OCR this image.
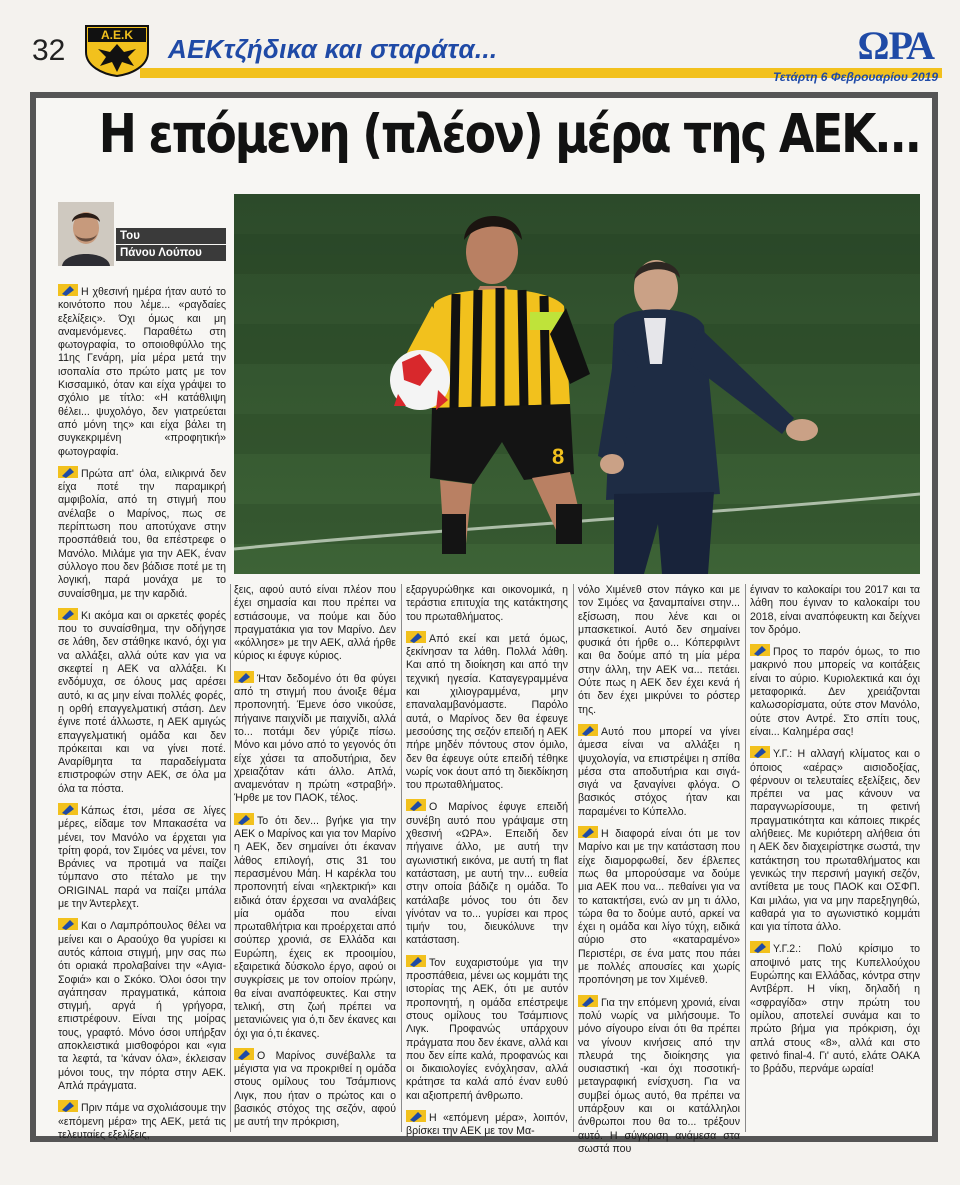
32	Α.Ε.Κ AEKτζήδικα και σταράτα...	ΩΡΑ
Τετάρτη 6 Φεβρουαρίου 2019
Η επόμενη (πλέον) μέρα της ΑΕΚ...
Του
Πάνου Λούπου
8

Η χθεσινή ημέρα ήταν αυτό το κοινότοπο που λέμε... «ραγδαίες εξελίξεις». Όχι όμως και μη αναμενόμενες. Παραθέτω στη φωτογραφία, το οποιοθφύλλο της 11ης Γενάρη, μία μέρα μετά την ισοπαλία στο πρώτο ματς με τον Κισσαμικό, όταν και είχα γράψει το σχόλιο με τίτλο: «Η κατάθλιψη θέλει... ψυχολόγο, δεν γιατρεύεται από μόνη της» και είχα βάλει τη συγκεκριμένη «προφητική» φωτογραφία.

Πρώτα απ' όλα, ειλικρινά δεν είχα ποτέ την παραμικρή αμφιβολία, από τη στιγμή που ανέλαβε ο Μαρίνος, πως σε περίπτωση που αποτύχανε στην προσπάθειά του, θα επέστρεφε ο Μανόλο. Μιλάμε για την ΑΕΚ, έναν σύλλογο που δεν βάδισε ποτέ με τη λογική, παρά μονάχα με το συναίσθημα, με την καρδιά.

Κι ακόμα και οι αρκετές φορές που το συναίσθημα, την οδήγησε σε λάθη, δεν στάθηκε ικανό, όχι για να αλλάξει, αλλά ούτε καν για να σκεφτεί η ΑΕΚ να αλλάξει. Κι ενδόμυχα, σε όλους μας αρέσει αυτό, κι ας μην είναι πολλές φορές, η ορθή επαγγελματική στάση. Δεν έγινε ποτέ άλλωστε, η ΑΕΚ αμιγώς επαγγελματική ομάδα και δεν πρόκειται και να γίνει ποτέ. Αναρίθμητα τα παραδείγματα επιστροφών στην ΑΕΚ, σε όλα μα όλα τα πόστα.

Κάπως έτσι, μέσα σε λίγες μέρες, είδαμε τον Μπακασέτα να μένει, τον Μανόλο να έρχεται για τρίτη φορά, τον Σιμόες να μένει, τον Βράνιες να προτιμά να παίζει τύμπανο στο πέταλο με την ORIGINAL παρά να παίζει μπάλα με την Άντερλεχτ.

Και ο Λαμπρόπουλος θέλει να μείνει και ο Αραούχο θα γυρίσει κι αυτός κάποια στιγμή, μην σας πω ότι οριακά προλαβαίνει την «Αγια-Σοφιά» και ο Σκόκο. Όλοι όσοι την αγάπησαν πραγματικά, κάποια στιγμή, αργά ή γρήγορα, επιστρέφουν. Είναι της μοίρας τους, γραφτό. Μόνο όσοι υπήρξαν αποκλειστικά μισθοφόροι και «για τα λεφτά, τα 'κάναν όλα», έκλεισαν μόνοι τους, την πόρτα στην ΑΕΚ. Απλά πράγματα.

Πριν πάμε να σχολιάσουμε την «επόμενη μέρα» της ΑΕΚ, μετά τις τελευταίες εξελίξεις,

ξεις, αφού αυτό είναι πλέον που έχει σημασία και που πρέπει να εστιάσουμε, να πούμε και δύο πραγματάκια για τον Μαρίνο. Δεν «κόλλησε» με την ΑΕΚ, αλλά ήρθε κύριος κι έφυγε κύριος.

Ήταν δεδομένο ότι θα φύγει από τη στιγμή που άνοιξε θέμα προπονητή. Έμενε όσο νικούσε, πήγαινε παιχνίδι με παιχνίδι, αλλά το... ποτάμι δεν γύριζε πίσω. Μόνο και μόνο από το γεγονός ότι είχε χάσει τα αποδυτήρια, δεν χρειαζόταν κάτι άλλο. Απλά, αναμενόταν η πρώτη «στραβή». Ήρθε με τον ΠΑΟΚ, τέλος.

Το ότι δεν... βγήκε για την ΑΕΚ ο Μαρίνος και για τον Μαρίνο η ΑΕΚ, δεν σημαίνει ότι έκαναν λάθος επιλογή, στις 31 του περασμένου Μάη. Η καρέκλα του προπονητή είναι «ηλεκτρική» και ειδικά όταν έρχεσαι να αναλάβεις μία ομάδα που είναι πρωταθλήτρια και προέρχεται από σούπερ χρονιά, σε Ελλάδα και Ευρώπη, έχεις εκ προοιμίου, εξαιρετικά δύσκολο έργο, αφού οι συγκρίσεις με τον οποίον πρώην, θα είναι αναπόφευκτες. Και στην τελική, στη ζωή πρέπει να μετανιώνεις για ό,τι δεν έκανες και όχι για ό,τι έκανες.

Ο Μαρίνος συνέβαλλε τα μέγιστα για να προκριθεί η ομάδα στους ομίλους του Τσάμπιονς Λιγκ, που ήταν ο πρώτος και ο βασικός στόχος της σεζόν, αφού με αυτή την πρόκριση,

εξαργυρώθηκε και οικονομικά, η τεράστια επιτυχία της κατάκτησης του πρωταθλήματος.

Από εκεί και μετά όμως, ξεκίνησαν τα λάθη. Πολλά λάθη. Και από τη διοίκηση και από την τεχνική ηγεσία. Καταγεγραμμένα και χιλιογραμμένα, μην επαναλαμβανόμαστε. Παρόλο αυτά, ο Μαρίνος δεν θα έφευγε μεσούσης της σεζόν επειδή η ΑΕΚ πήρε μηδέν πόντους στον όμιλο, δεν θα έφευγε ούτε επειδή τέθηκε νωρίς νοκ άουτ από τη διεκδίκηση του πρωταθλήματος.

Ο Μαρίνος έφυγε επειδή συνέβη αυτό που γράψαμε στη χθεσινή «ΩΡΑ». Επειδή δεν πήγαινε άλλο, με αυτή την αγωνιστική εικόνα, με αυτή τη flat κατάσταση, με αυτή την... ευθεία στην οποία βάδιζε η ομάδα. Το κατάλαβε μόνος του ότι δεν γίνόταν να το... γυρίσει και προς τιμήν του, διευκόλυνε την κατάσταση.

Τον ευχαριστούμε για την προσπάθεια, μένει ως κομμάτι της ιστορίας της ΑΕΚ, ότι με αυτόν προπονητή, η ομάδα επέστρεψε στους ομίλους του Τσάμπιονς Λιγκ. Προφανώς υπάρχουν πράγματα που δεν έκανε, αλλά και που δεν είπε καλά, προφανώς και οι δικαιολογίες ενόχλησαν, αλλά κράτησε τα καλά από έναν ευθύ και αξιοπρεπή άνθρωπο.

Η «επόμενη μέρα», λοιπόν, βρίσκει την ΑΕΚ με τον Μα-

νόλο Χιμένεθ στον πάγκο και με τον Σιμόες να ξαναμπαίνει στην... εξίσωση, που λένε και οι μπασκετικοί. Αυτό δεν σημαίνει φυσικά ότι ήρθε ο... Κόπερφιλντ και θα δούμε από τη μία μέρα στην άλλη, την ΑΕΚ να... πετάει. Ούτε πως η ΑΕΚ δεν έχει κενά ή ότι δεν έχει μικρύνει το ρόστερ της.

Αυτό που μπορεί να γίνει άμεσα είναι να αλλάξει η ψυχολογία, να επιστρέψει η σπίθα μέσα στα αποδυτήρια και σιγά-σιγά να ξαναγίνει φλόγα. Ο βασικός στόχος ήταν και παραμένει το Κύπελλο.

Η διαφορά είναι ότι με τον Μαρίνο και με την κατάσταση που είχε διαμορφωθεί, δεν έβλεπες πως θα μπορούσαμε να δούμε μια ΑΕΚ που να... πεθαίνει για να το κατακτήσει, ενώ αν μη τι άλλο, τώρα θα το δούμε αυτό, αρκεί να έχει η ομάδα και λίγο τύχη, ειδικά αύριο στο «καταραμένο» Περιστέρι, σε ένα ματς που πάει με πολλές απουσίες και χωρίς προπόνηση με τον Χιμένεθ.

Για την επόμενη χρονιά, είναι πολύ νωρίς να μιλήσουμε. Το μόνο σίγουρο είναι ότι θα πρέπει να γίνουν κινήσεις από την πλευρά της διοίκησης για ουσιαστική -και όχι ποσοτική- μεταγραφική ενίσχυση. Για να συμβεί όμως αυτό, θα πρέπει να υπάρξουν και οι κατάλληλοι άνθρωποι που θα το... τρέξουν αυτό. Η σύγκριση ανάμεσα στα σωστά που

έγιναν το καλοκαίρι του 2017 και τα λάθη που έγιναν το καλοκαίρι του 2018, είναι αναπόφευκτη και δείχνει τον δρόμο.

Προς το παρόν όμως, το πιο μακρινό που μπορείς να κοιτάξεις είναι το αύριο. Κυριολεκτικά και όχι μεταφορικά. Δεν χρειάζονται καλωσορίσματα, ούτε στον Μανόλο, ούτε στον Αντρέ. Στο σπίτι τους, είναι... Καλημέρα σας!

Υ.Γ.: Η αλλαγή κλίματος και ο όποιος «αέρας» αισιοδοξίας, φέρνουν οι τελευταίες εξελίξεις, δεν πρέπει να μας κάνουν να παραγνωρίσουμε, τη φετινή πραγματικότητα και κάποιες πικρές αλήθειες. Με κυριότερη αλήθεια ότι η ΑΕΚ δεν διαχειρίστηκε σωστά, την κατάκτηση του πρωταθλήματος και γενικώς την περσινή μαγική σεζόν, αντίθετα με τους ΠΑΟΚ και ΟΣΦΠ. Και μιλάω, για να μην παρεξηγηθώ, καθαρά για το αγωνιστικό κομμάτι και για τίποτα άλλο.

Υ.Γ.2.: Πολύ κρίσιμο το αποψινό ματς της Κυπελλούχου Ευρώπης και Ελλάδας, κόντρα στην Αντβέρπ. Η νίκη, δηλαδή η «σφραγίδα» στην πρώτη του ομίλου, αποτελεί συνάμα και το πρώτο βήμα για πρόκριση, όχι απλά στους «8», αλλά και στο φετινό final-4. Γι' αυτό, ελάτε ΟΑΚΑ το βράδυ, περνάμε ωραία!
